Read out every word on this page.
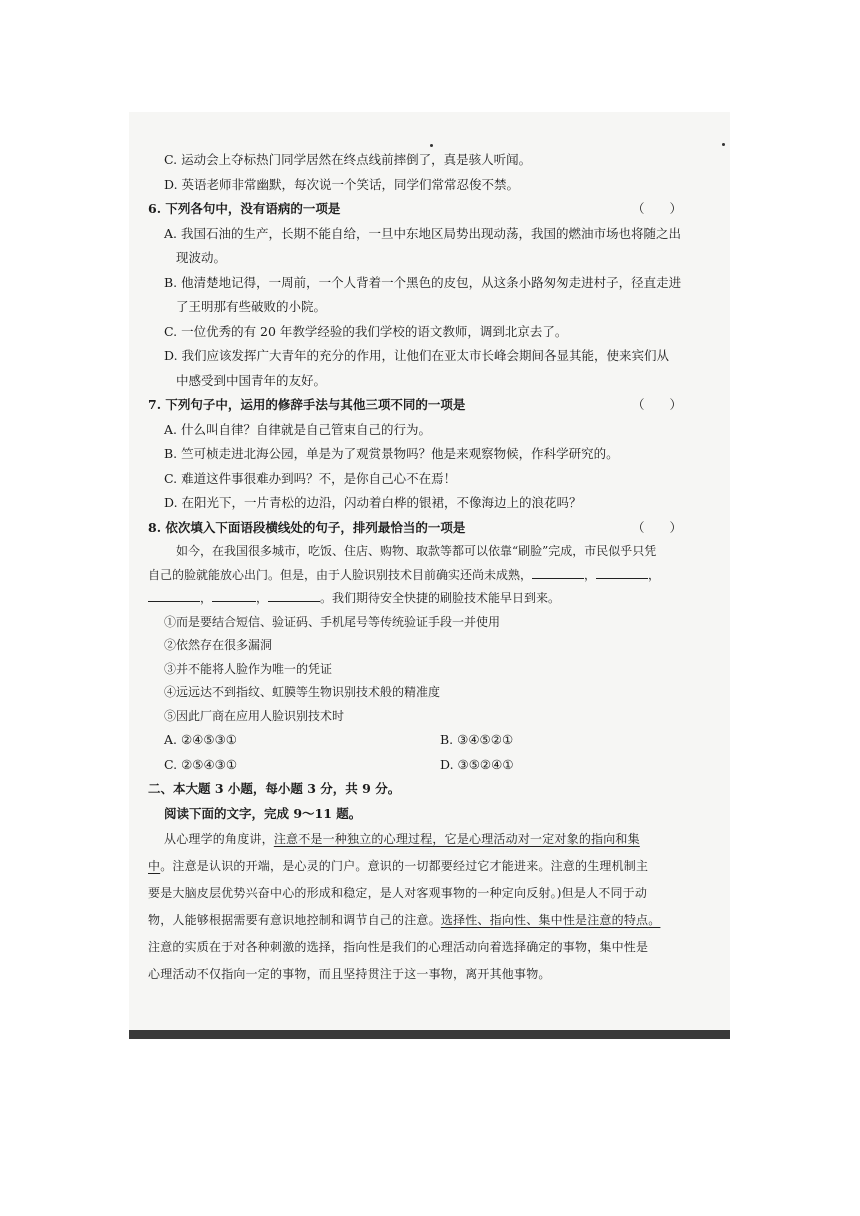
C. 运动会上夺标热门同学居然在终点线前摔倒了，真是骇人听闻。
D. 英语老师非常幽默，每次说一个笑话，同学们常常忍俊不禁。
6. 下列各句中，没有语病的一项是	（　　）
A. 我国石油的生产，长期不能自给，一旦中东地区局势出现动荡，我国的燃油市场也将随之出
现波动。
B. 他清楚地记得，一周前，一个人背着一个黑色的皮包，从这条小路匆匆走进村子，径直走进
了王明那有些破败的小院。
C. 一位优秀的有 20 年教学经验的我们学校的语文教师，调到北京去了。
D. 我们应该发挥广大青年的充分的作用，让他们在亚太市长峰会期间各显其能，使来宾们从
中感受到中国青年的友好。
7. 下列句子中，运用的修辞手法与其他三项不同的一项是	（　　）
A. 什么叫自律？自律就是自己管束自己的行为。
B. 竺可桢走进北海公园，单是为了观赏景物吗？他是来观察物候，作科学研究的。
C. 难道这件事很难办到吗？不，是你自己心不在焉！
D. 在阳光下，一片青松的边沿，闪动着白桦的银裙，不像海边上的浪花吗？
8. 依次填入下面语段横线处的句子，排列最恰当的一项是	（　　）
如今，在我国很多城市，吃饭、住店、购物、取款等都可以依靠“刷脸”完成，市民似乎只凭
自己的脸就能放心出门。但是，由于人脸识别技术目前确实还尚未成熟，	，	，
，	，	。我们期待安全快捷的刷脸技术能早日到来。
①而是要结合短信、验证码、手机尾号等传统验证手段一并使用
②依然存在很多漏洞
③并不能将人脸作为唯一的凭证
④远远达不到指纹、虹膜等生物识别技术般的精准度
⑤因此厂商在应用人脸识别技术时
A. ②④⑤③①	B. ③④⑤②①
C. ②⑤④③①	D. ③⑤②④①
二、本大题 3 小题，每小题 3 分，共 9 分。
阅读下面的文字，完成 9～11 题。
从心理学的角度讲，注意不是一种独立的心理过程，它是心理活动对一定对象的指向和集
中。注意是认识的开端，是心灵的门户。意识的一切都要经过它才能进来。注意的生理机制主
要是大脑皮层优势兴奋中心的形成和稳定，是人对客观事物的一种定向反射。)但是人不同于动
物，人能够根据需要有意识地控制和调节自己的注意。选择性、指向性、集中性是注意的特点。
注意的实质在于对各种刺激的选择，指向性是我们的心理活动向着选择确定的事物，集中性是
心理活动不仅指向一定的事物，而且坚持贯注于这一事物，离开其他事物。
